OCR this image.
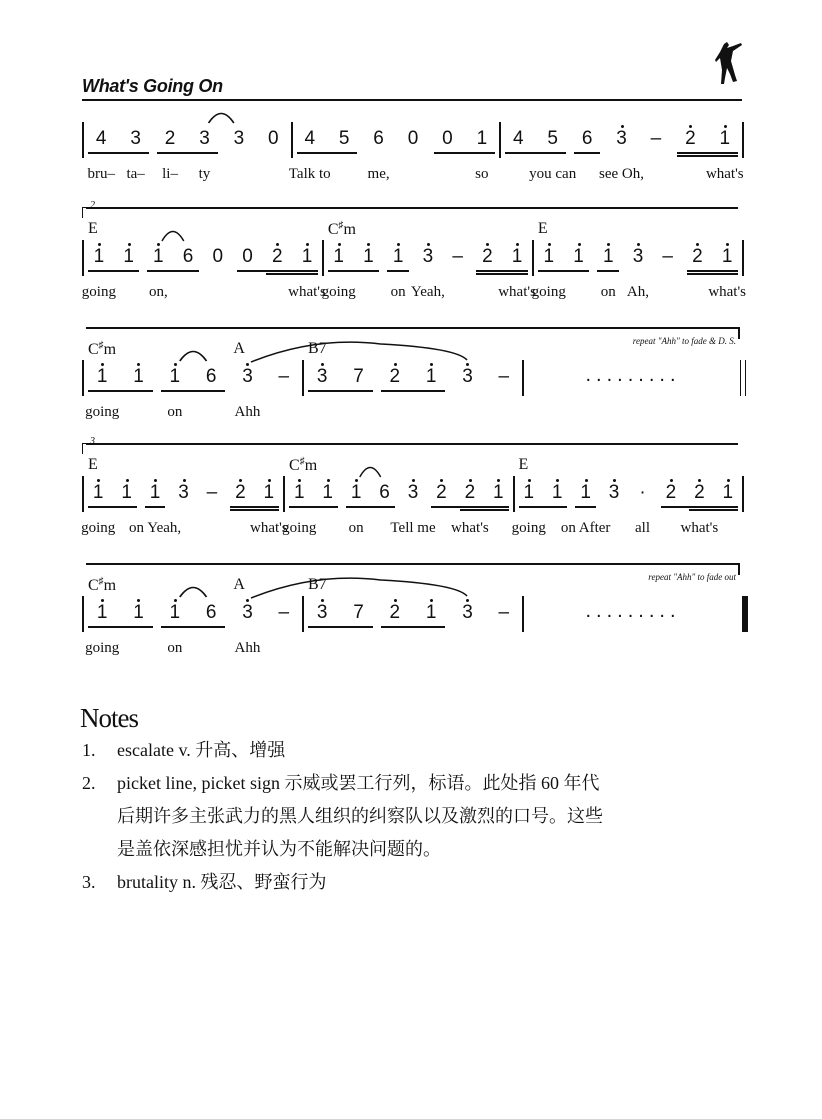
What's Going On
4
bru–
3
ta–
2
li–
3
ty
3	0	4
Talk to
5	6
me,
0	0	1
so
4	5
you can
6	3
see Oh,
–	2	1
what's
1
E
going
1	1
on,
6	0	0	2	1
what's
1
C♯m
going
1	1
on
3
Yeah,
–	2	1
what's
1
E
going
1	1
on
3
Ah,
–	2	1
what's
2
1
C♯m
going
1	1
on
6	3
A
Ahh
–	3
B7
7	2	1	3	–	.........
repeat "Ahh" to fade & D. S.
1
E
going
1 1
on Yeah,
3 – 2 1
what's
1
C♯m
going
1 1
on
6 3
Tell me
2 2
what's
1	1
E
going
1 1
on After
3	·
all
2 2
what's
1
3
1
C♯m
going
1	1
on
6	3
A
Ahh
–	3
B7
7	2	1	3	–	.........
repeat "Ahh" to fade out
Notes
1. escalate v. 升高、增强
2. picket line, picket sign 示威或罢工行列，标语。此处指 60 年代
后期许多主张武力的黑人组织的纠察队以及激烈的口号。这些
是盖依深感担忧并认为不能解决问题的。
3. brutality n. 残忍、野蛮行为
